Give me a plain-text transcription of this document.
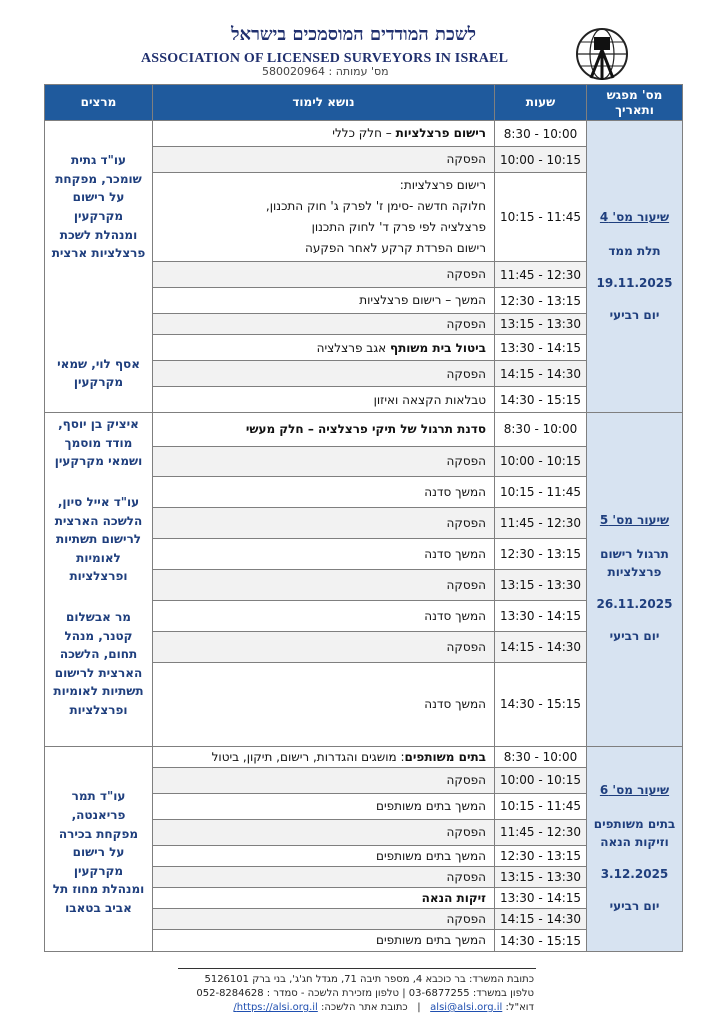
לשכת המודדים המוסמכים בישראל
ASSOCIATION OF LICENSED SURVEYORS IN ISRAEL
מס' עמותה : 580020964
מס' מפגש ותאריך	שעות	נושא לימוד	מרצים

שיעור מס' 4
תלת ממד
19.11.2025
יום רביעי	8:30 - 10:00	רישום פרצלציות – חלק כללי	עו"ד גתית שומכר, מפקחת על רישום מקרקעין ומנהלת לשכת פרצלציות ארצית
אסף לוי, שמאי מקרקעין

	10:00 - 10:15	הפסקה	
	10:15 - 11:45	רישום פרצלציות:
חלוקה חדשה -סימן ז' לפרק ג' חוק התכנון,
פרצלציה לפי פרק ד' לחוק התכנון
רישום הפרדת קרקע לאחר הפקעה	
	11:45 - 12:30	הפסקה	
	12:30 - 13:15	המשך – רישום פרצלציות	
	13:15 - 13:30	הפסקה	
	13:30 - 14:15	ביטול בית משותף אגב פרצלציה	
	14:15 - 14:30	הפסקה	
	14:30 - 15:15	טבלאות הקצאה ואיזון	

שיעור מס' 5
תרגול רישום פרצלציות
26.11.2025
יום רביעי	8:30 - 10:00	סדנת תרגול של תיקי פרצלציה – חלק מעשי	איציק בן יוסף, מודד מוסמך ושמאי מקרקעין
עו"ד אייל סיון, הלשכה הארצית לרישום תשתיות לאומיות ופרצלציות
מר אבשלום קטנר, מנהל תחום, הלשכה הארצית לרישום תשתיות לאומיות ופרצלציות

	10:00 - 10:15	הפסקה	
	10:15 - 11:45	המשך סדנה	
	11:45 - 12:30	הפסקה	
	12:30 - 13:15	המשך סדנה	
	13:15 - 13:30	הפסקה	
	13:30 - 14:15	המשך סדנה	
	14:15 - 14:30	הפסקה	
	14:30 - 15:15	המשך סדנה	

שיעור מס' 6
בתים משותפים וזיקות הנאה
3.12.2025
יום רביעי	8:30 - 10:00	בתים משותפים: מושגים והגדרות, רישום, תיקון, ביטול	עו"ד תמר פריאנטה, מפקחת בכירה על רישום מקרקעין ומנהלת מחוז תל אביב בטאבו

	10:00 - 10:15	הפסקה	
	10:15 - 11:45	המשך בתים משותפים	
	11:45 - 12:30	הפסקה	
	12:30 - 13:15	המשך בתים משותפים	
	13:15 - 13:30	הפסקה	
	13:30 - 14:15	זיקות הנאה	
	14:15 - 14:30	הפסקה	
	14:30 - 15:15	המשך בתים משותפים	
כתובת המשרד: בר כוכבא 4, מספר תיבה 71, מגדל חג'ג', בני ברק 5126101
טלפון במשרד: 03-6877255 | טלפון מזכירת הלשכה - סמדר : 052-8284628
דוא"ל: alsi@alsi.org.il   |   כתובת אתר הלשכה: https://alsi.org.il/
